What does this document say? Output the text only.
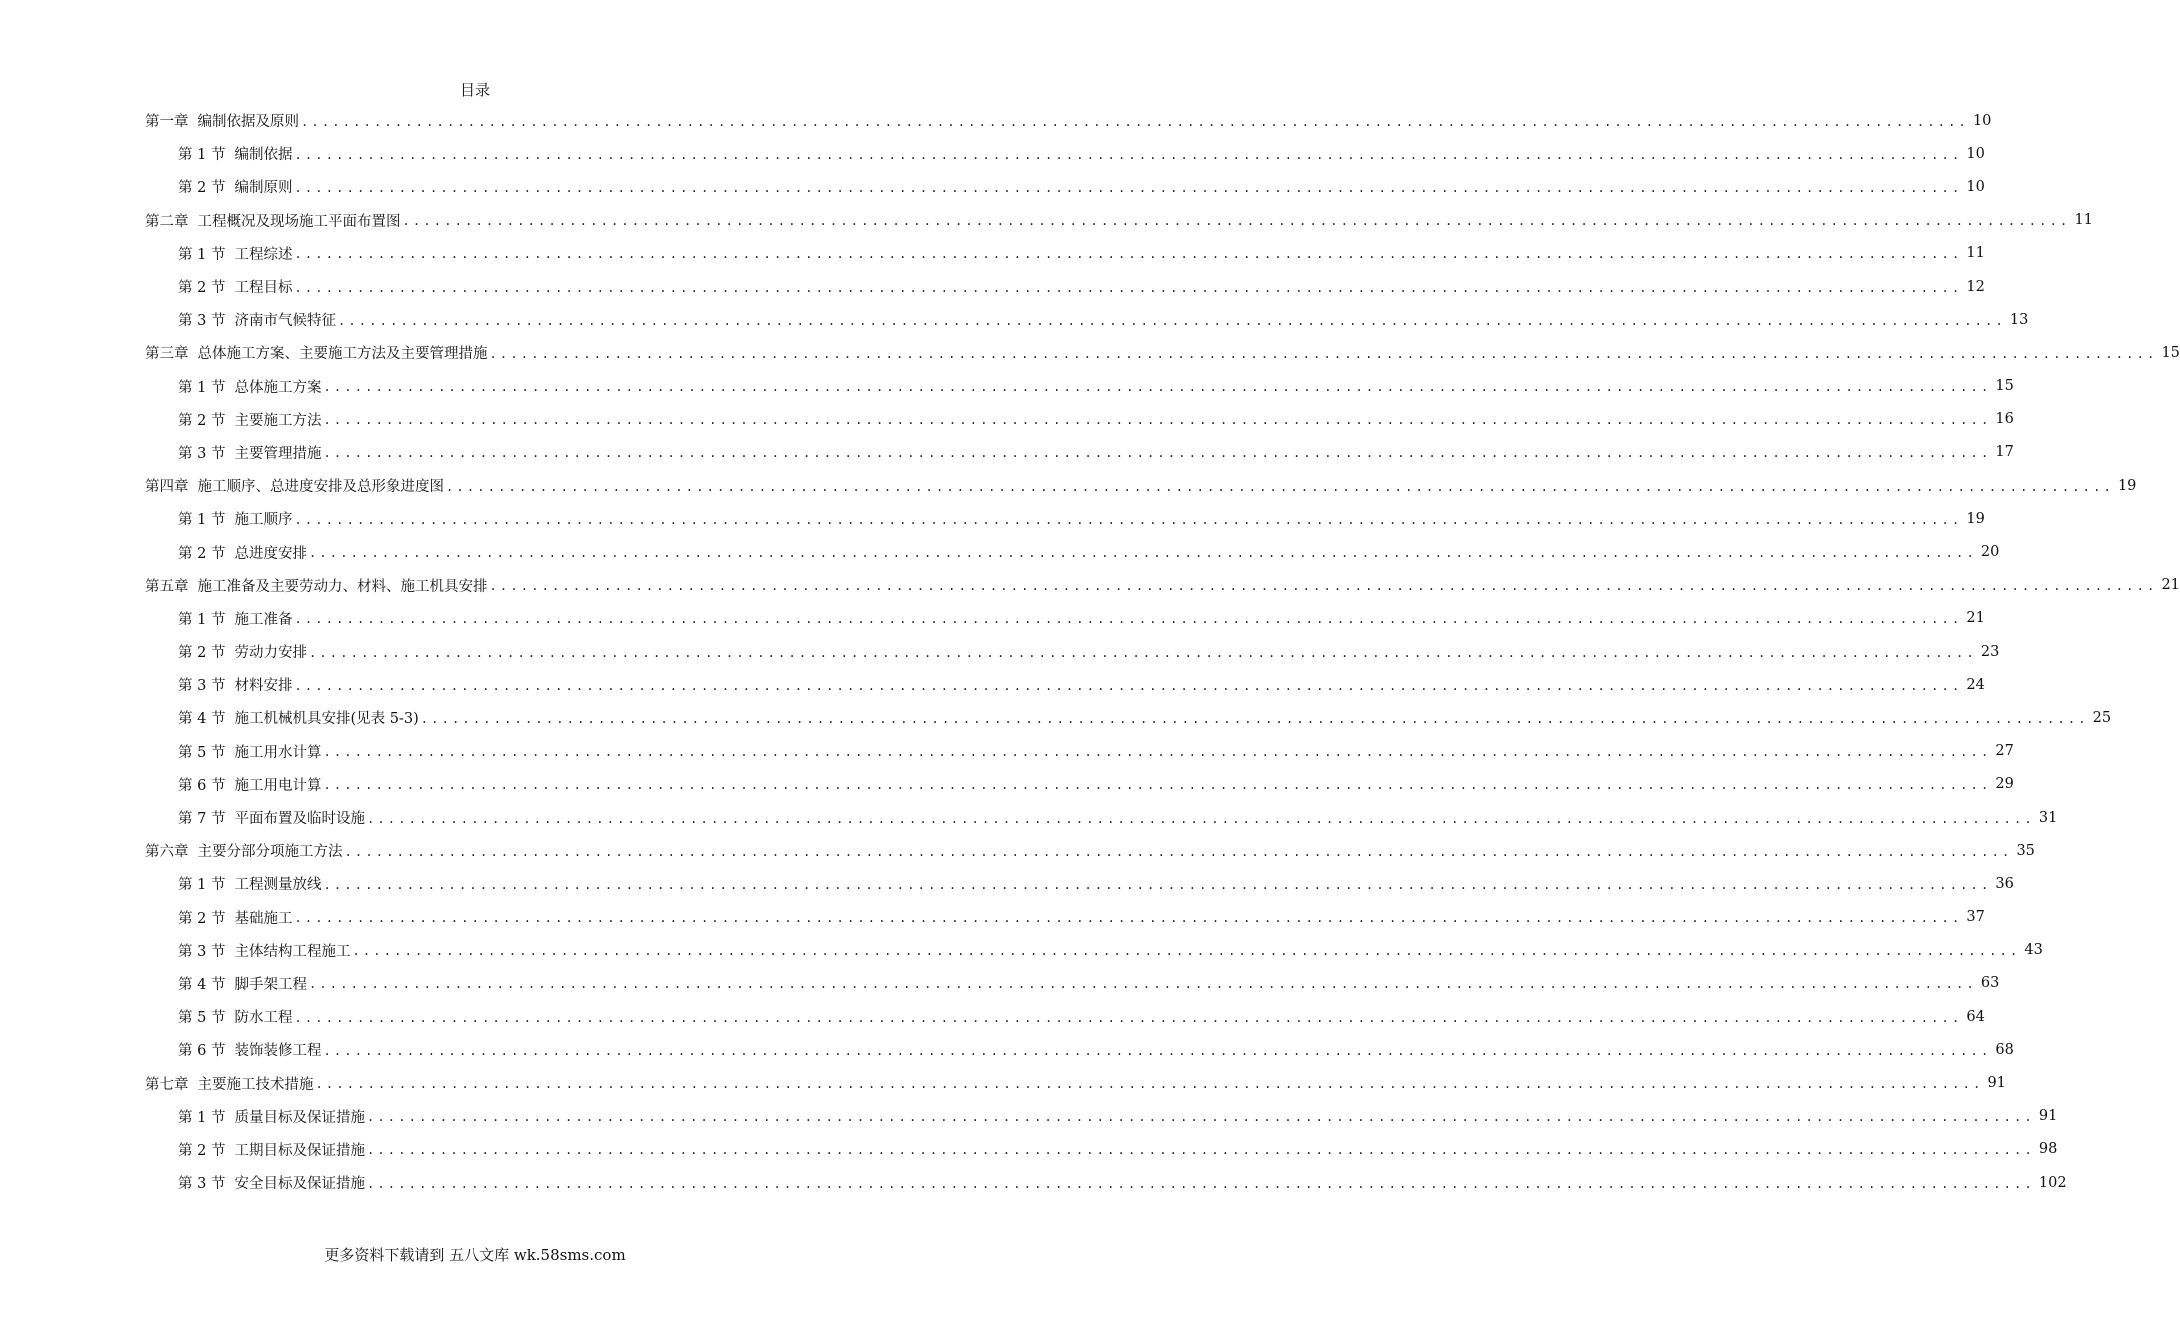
目录
第一章 编制依据及原则 ................................................................................................................................................................ 10
第 1 节 编制依据 ................................................................................................................................................................ 10
第 2 节 编制原则 ................................................................................................................................................................ 10
第二章 工程概况及现场施工平面布置图 ................................................................................................................................................................ 11
第 1 节 工程综述 ................................................................................................................................................................ 11
第 2 节 工程目标 ................................................................................................................................................................ 12
第 3 节 济南市气候特征 ................................................................................................................................................................ 13
第三章 总体施工方案、主要施工方法及主要管理措施 ................................................................................................................................................................ 15
第 1 节 总体施工方案 ................................................................................................................................................................ 15
第 2 节 主要施工方法 ................................................................................................................................................................ 16
第 3 节 主要管理措施 ................................................................................................................................................................ 17
第四章 施工顺序、总进度安排及总形象进度图 ................................................................................................................................................................ 19
第 1 节 施工顺序 ................................................................................................................................................................ 19
第 2 节 总进度安排 ................................................................................................................................................................ 20
第五章 施工准备及主要劳动力、材料、施工机具安排 ................................................................................................................................................................ 21
第 1 节 施工准备 ................................................................................................................................................................ 21
第 2 节 劳动力安排 ................................................................................................................................................................ 23
第 3 节 材料安排 ................................................................................................................................................................ 24
第 4 节 施工机械机具安排(见表 5-3) ................................................................................................................................................................ 25
第 5 节 施工用水计算 ................................................................................................................................................................ 27
第 6 节 施工用电计算 ................................................................................................................................................................ 29
第 7 节 平面布置及临时设施 ................................................................................................................................................................ 31
第六章 主要分部分项施工方法 ................................................................................................................................................................ 35
第 1 节 工程测量放线 ................................................................................................................................................................ 36
第 2 节 基础施工 ................................................................................................................................................................ 37
第 3 节 主体结构工程施工 ................................................................................................................................................................ 43
第 4 节 脚手架工程 ................................................................................................................................................................ 63
第 5 节 防水工程 ................................................................................................................................................................ 64
第 6 节 装饰装修工程 ................................................................................................................................................................ 68
第七章 主要施工技术措施 ................................................................................................................................................................ 91
第 1 节 质量目标及保证措施 ................................................................................................................................................................ 91
第 2 节 工期目标及保证措施 ................................................................................................................................................................ 98
第 3 节 安全目标及保证措施 ................................................................................................................................................................ 102
更多资料下载请到 五八文库 wk.58sms.com
